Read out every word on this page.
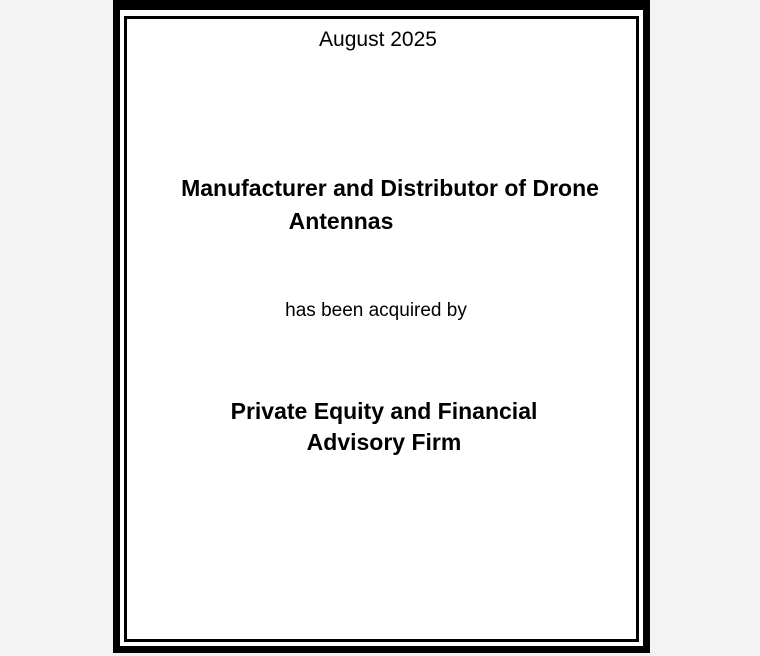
August 2025
Manufacturer and Distributor of Drone
Antennas
has been acquired by
Private Equity and Financial
Advisory Firm
